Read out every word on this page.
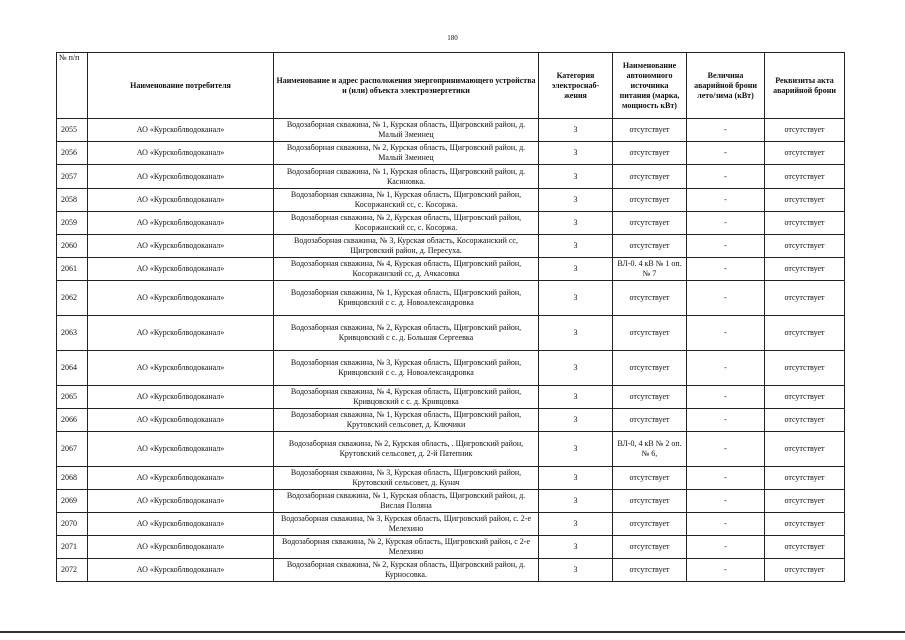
180
№ п/п	Наименование потребителя	Наименование и адрес расположения энергопринимающего устройства и (или) объекта электроэнергетики	Категория электроснаб-жения	Наименование автономного источника питания (марка, мощность кВт)	Величина аварийной брони лето/зима (кВт)	Реквизиты акта аварийной брони
2055	АО «Курскоблводоканал»	Водозаборная скважина, № 1, Курская область, Щигровский район, д. Малый Змеинец	3	отсутствует	-	отсутствует
2056	АО «Курскоблводоканал»	Водозаборная скважина, № 2, Курская область, Щигровский район, д. Малый Змеинец	3	отсутствует	-	отсутствует
2057	АО «Курскоблводоканал»	Водозаборная скважина, № 1, Курская область, Щигровский район, д. Касиновка.	3	отсутствует	-	отсутствует
2058	АО «Курскоблводоканал»	Водозаборная скважина, № 1, Курская область, Щигровский район, Косоржанский сс, с. Косоржа.	3	отсутствует	-	отсутствует
2059	АО «Курскоблводоканал»	Водозаборная скважина, № 2, Курская область, Щигровский район, Косоржанский сс, с. Косоржа.	3	отсутствует	-	отсутствует
2060	АО «Курскоблводоканал»	Водозаборная скважина, № 3, Курская область, Косоржанский сс, Щигровский район, д. Пересуха.	3	отсутствует	-	отсутствует
2061	АО «Курскоблводоканал»	Водозаборная скважина, № 4, Курская область, Щигровский район, Косоржанский сс, д. Ачкасовка	3	ВЛ-0. 4 кВ № 1 оп. № 7	-	отсутствует
2062	АО «Курскоблводоканал»	Водозаборная скважина, № 1, Курская область, Щигровский район, Кривцовский с с. д. Новоалександровка	3	отсутствует	-	отсутствует
2063	АО «Курскоблводоканал»	Водозаборная скважина, № 2, Курская область, Щигровский район, Кривцовский с с. д. Большая Сергеевка	3	отсутствует	-	отсутствует
2064	АО «Курскоблводоканал»	Водозаборная скважина, № 3, Курская область, Щигровский район, Кривцовский с с. д. Новоалександровка	3	отсутствует	-	отсутствует
2065	АО «Курскоблводоканал»	Водозаборная скважина, № 4, Курская область, Щигровский район, Кривцовский с с. д. Кривцовка	3	отсутствует	-	отсутствует
2066	АО «Курскоблводоканал»	Водозаборная скважина, № 1, Курская область, Щигровский район, Крутовский сельсовет, д. Ключики	3	отсутствует	-	отсутствует
2067	АО «Курскоблводоканал»	Водозаборная скважина, № 2, Курская область, . Щигровский район, Крутовский сельсовет, д. 2-й Патепник	3	ВЛ-0, 4 кВ № 2 оп. № 6,	-	отсутствует
2068	АО «Курскоблводоканал»	Водозаборная скважина, № 3, Курская область, Щигровский район, Крутовский сельсовет, д. Кунач	3	отсутствует	-	отсутствует
2069	АО «Курскоблводоканал»	Водозаборная скважина, № 1, Курская область, Щигровский район, д. Вислая Поляна	3	отсутствует	-	отсутствует
2070	АО «Курскоблводоканал»	Водозаборная скважина, № 3, Курская область, Щигровский район, с. 2-е Мелехино	3	отсутствует	-	отсутствует
2071	АО «Курскоблводоканал»	Водозаборная скважина, № 2, Курская область, Щигровский район, с 2-е Мелехино	3	отсутствует	-	отсутствует
2072	АО «Курскоблводоканал»	Водозаборная скважина, № 2, Курская область, Щигровский район, д. Курносовка.	3	отсутствует	-	отсутствует
